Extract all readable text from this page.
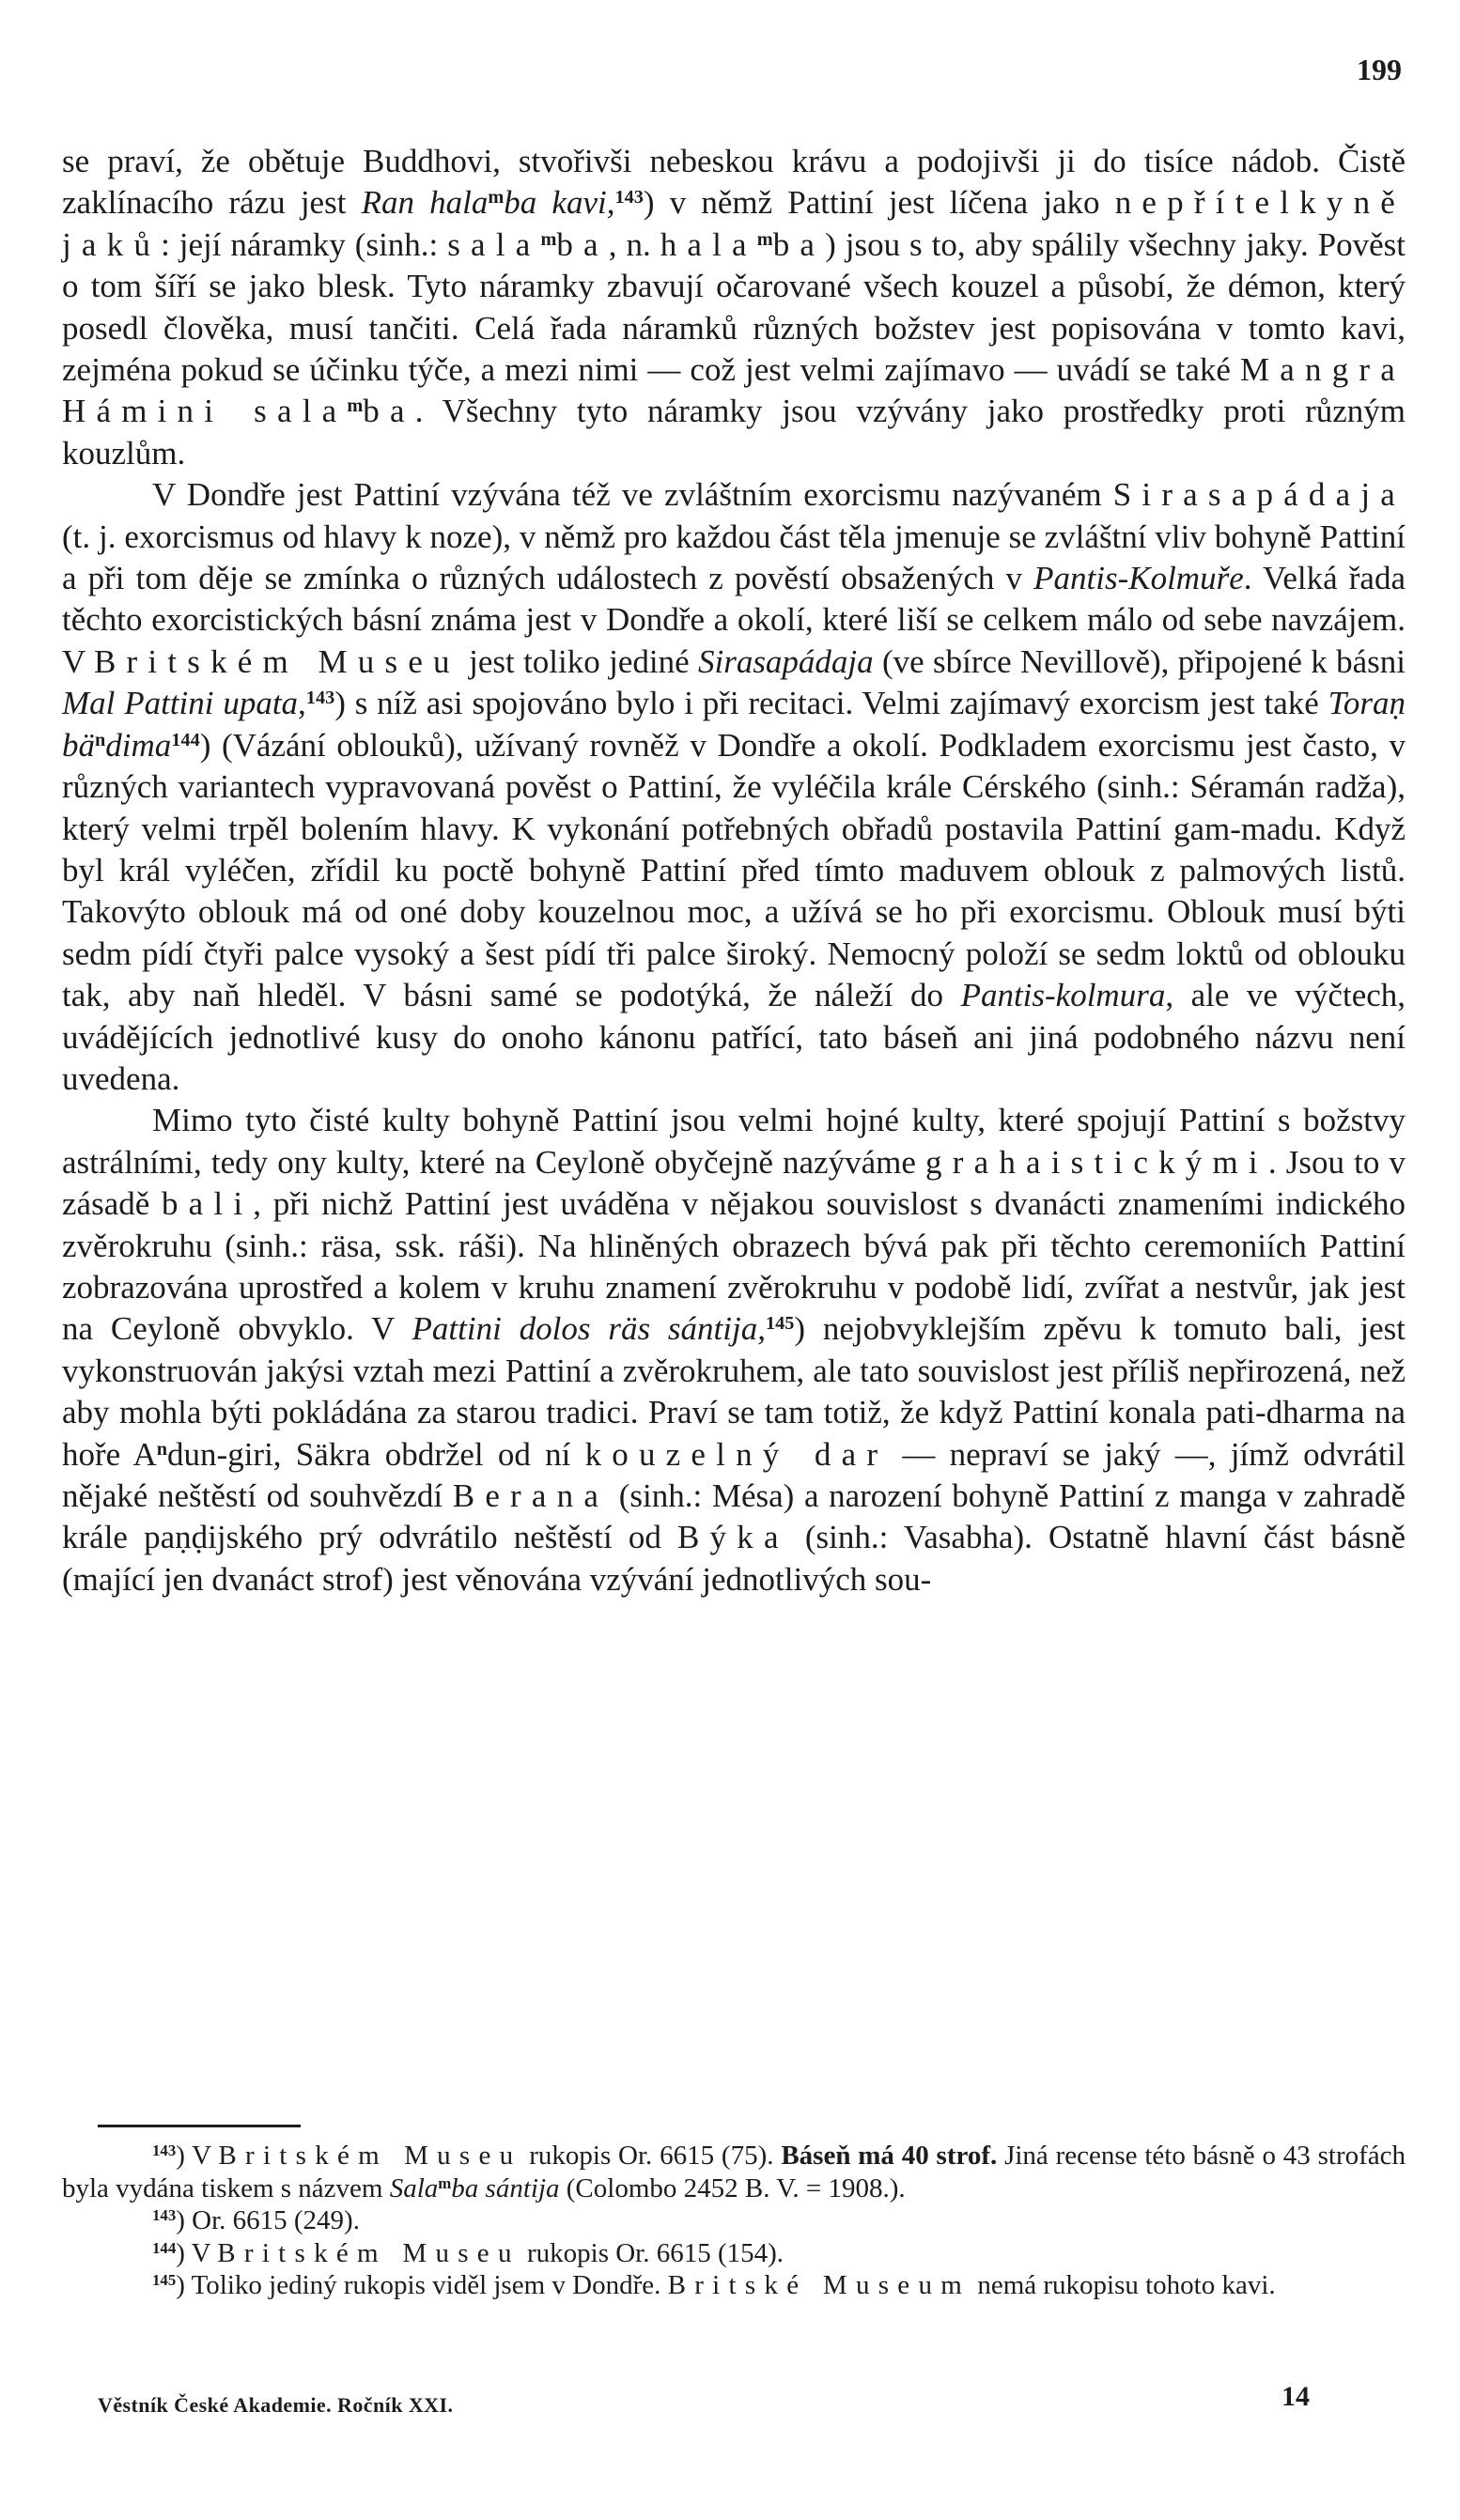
199

se praví, že obětuje Buddhovi, stvořivši nebeskou krávu a podojivši ji do tisíce nádob. Čistě zaklínacího rázu jest Ran hala$^m$ba kavi,$^{143}$) v němž Pattiní jest líčena jako nepřítelkyně jaků: její náramky (sinh.: sala$^m$ba, n. hala$^m$ba) jsou s to, aby spálily všechny jaky. Pověst o tom šíří se jako blesk. Tyto náramky zbavují očarované všech kouzel a působí, že démon, který posedl člověka, musí tančiti. Celá řada náramků různých božstev jest popisována v tomto kavi, zejména pokud se účinku týče, a mezi nimi — což jest velmi zajímavo — uvádí se také Mangra Hámini sala$^m$ba. Všechny tyto náramky jsou vzývány jako prostředky proti různým kouzlům.

V Dondře jest Pattiní vzývána též ve zvláštním exorcismu nazývaném Sirasapádaja (t. j. exorcismus od hlavy k noze), v němž pro každou část těla jmenuje se zvláštní vliv bohyně Pattiní a při tom děje se zmínka o různých událostech z pověstí obsažených v Pantis-Kolmuře. Velká řada těchto exorcistických básní známa jest v Dondře a okolí, které liší se celkem málo od sebe navzájem. V Britském Museu jest toliko jediné Sirasapádaja (ve sbírce Nevillově), připojené k básni Mal Pattini upata,$^{143}$) s níž asi spojováno bylo i při recitaci. Velmi zajímavý exorcism jest také Toraṇ $bä^ndima^{144}$) (Vázání oblouků), užívaný rovněž v Dondře a okolí. Podkladem exorcismu jest často, v různých variantech vypravovaná pověst o Pattiní, že vyléčila krále Cérského (sinh.: Séramán radža), který velmi trpěl bolením hlavy. K vykonání potřebných obřadů postavila Pattiní gam-madu. Když byl král vyléčen, zřídil ku poctě bohyně Pattiní před tímto maduvem oblouk z palmových listů. Takovýto oblouk má od oné doby kouzelnou moc, a užívá se ho při exorcismu. Oblouk musí býti sedm pídí čtyři palce vysoký a šest pídí tři palce široký. Nemocný položí se sedm loktů od oblouku tak, aby naň hleděl. V básni samé se podotýká, že náleží do Pantis-kolmura, ale ve výčtech, uvádějících jednotlivé kusy do onoho kánonu patřící, tato báseň ani jiná podobného názvu není uvedena.

Mimo tyto čisté kulty bohyně Pattiní jsou velmi hojné kulty, které spojují Pattiní s božstvy astrálními, tedy ony kulty, které na Ceyloně obyčejně nazýváme grahaistickými. Jsou to v zásadě bali, při nichž Pattiní jest uváděna v nějakou souvislost s dvanácti znameními indického zvěrokruhu (sinh.: räsa, ssk. ráši). Na hliněných obrazech bývá pak při těchto ceremoniích Pattiní zobrazována uprostřed a kolem v kruhu znamení zvěrokruhu v podobě lidí, zvířat a nestvůr, jak jest na Ceyloně obvyklo. V Pattini dolos räs sántija,$^{145}$) nejobvyklejším zpěvu k tomuto bali, jest vykonstruován jakýsi vztah mezi Pattiní a zvěrokruhem, ale tato souvislost jest příliš nepřirozená, než aby mohla býti pokládána za starou tradici. Praví se tam totiž, že když Pattiní konala pati-dharma na hoře $A^ndun$-giri, Säkra obdržel od ní kouzelný dar — nepraví se jaký —, jímž odvrátil nějaké neštěstí od souhvězdí Berana (sinh.: Mésa) a narození bohyně Pattiní z manga v zahradě krále paṇḍijského prý odvrátilo neštěstí od Býka (sinh.: Vasabha). Ostatně hlavní část básně (mající jen dvanáct strof) jest věnována vzývání jednotlivých sou-

$^{143}$) V Britském Museu rukopis Or. 6615 (75). Báseň má 40 strof. Jiná recense této básně o 43 strofách byla vydána tiskem s názvem Sala$^m$ba sántija (Colombo 2452 B. V. = 1908.).

$^{143}$) Or. 6615 (249).

$^{144}$) V Britském Museu rukopis Or. 6615 (154).

$^{145}$) Toliko jediný rukopis viděl jsem v Dondře. Britské Museum nemá rukopisu tohoto kavi.

Věstník České Akademie. Ročník XXI.	14
